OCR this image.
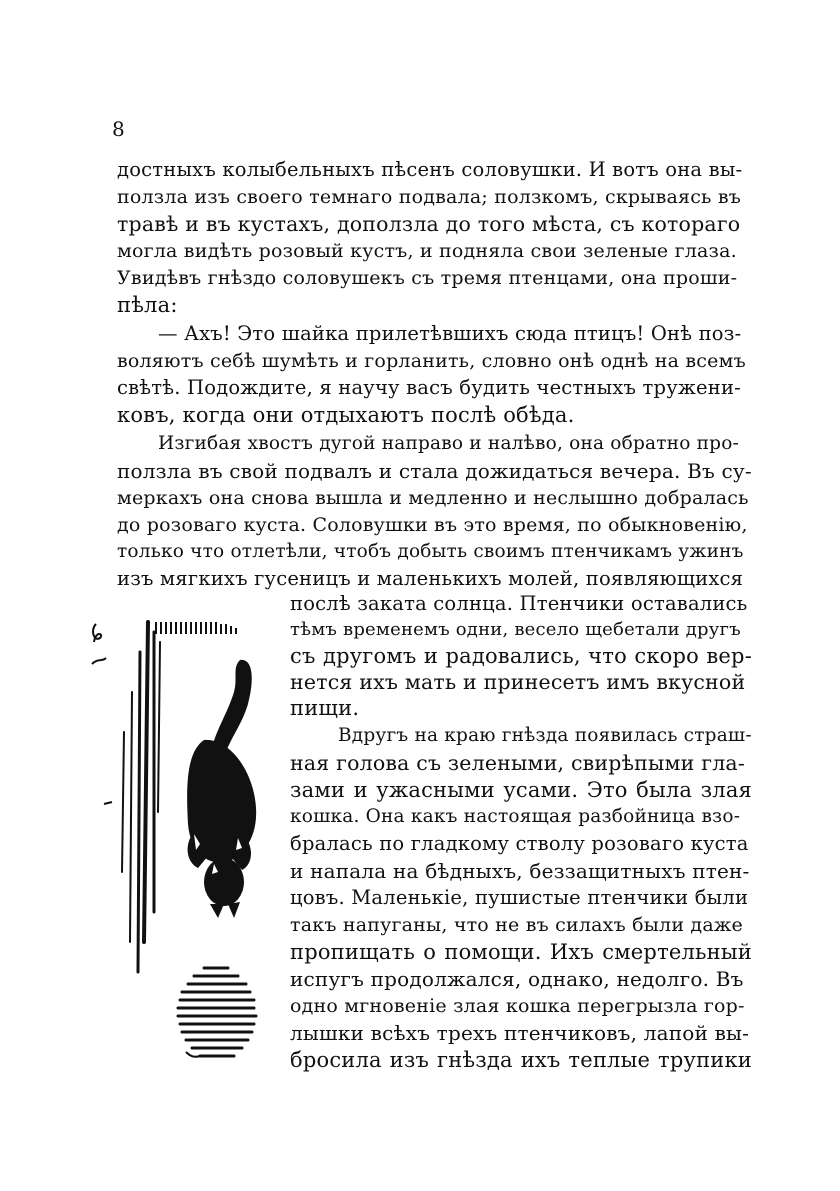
8
достныхъ колыбельныхъ пѣсенъ соловушки. И вотъ она вы-
ползла изъ своего темнаго подвала; ползкомъ, скрываясь въ
травѣ и въ кустахъ, доползла до того мѣста, съ котораго
могла видѣть розовый кустъ, и подняла свои зеленые глаза.
Увидѣвъ гнѣздо соловушекъ съ тремя птенцами, она проши-
пѣла:
— Ахъ! Это шайка прилетѣвшихъ сюда птицъ! Онѣ поз-
воляютъ себѣ шумѣть и горланить, словно онѣ однѣ на всемъ
свѣтѣ. Подождите, я научу васъ будить честныхъ тружени-
ковъ, когда они отдыхаютъ послѣ обѣда.
Изгибая хвостъ дугой направо и налѣво, она обратно про-
ползла въ свой подвалъ и стала дожидаться вечера. Въ су-
меркахъ она снова вышла и медленно и неслышно добралась
до розоваго куста. Соловушки въ это время, по обыкновенію,
только что отлетѣли, чтобъ добыть своимъ птенчикамъ ужинъ
изъ мягкихъ гусеницъ и маленькихъ молей, появляющихся
послѣ заката солнца. Птенчики оставались
тѣмъ временемъ одни, весело щебетали другъ
съ другомъ и радовались, что скоро вер-
нется ихъ мать и принесетъ имъ вкусной
пищи.
Вдругъ на краю гнѣзда появилась страш-
ная голова съ зелеными, свирѣпыми гла-
зами и ужасными усами. Это была злая
кошка. Она какъ настоящая разбойница взо-
бралась по гладкому стволу розоваго куста
и напала на бѣдныхъ, беззащитныхъ птен-
цовъ. Маленькіе, пушистые птенчики были
такъ напуганы, что не въ силахъ были даже
пропищать о помощи. Ихъ смертельный
испугъ продолжался, однако, недолго. Въ
одно мгновеніе злая кошка перегрызла гор-
лышки всѣхъ трехъ птенчиковъ, лапой вы-
бросила изъ гнѣзда ихъ теплые трупики
